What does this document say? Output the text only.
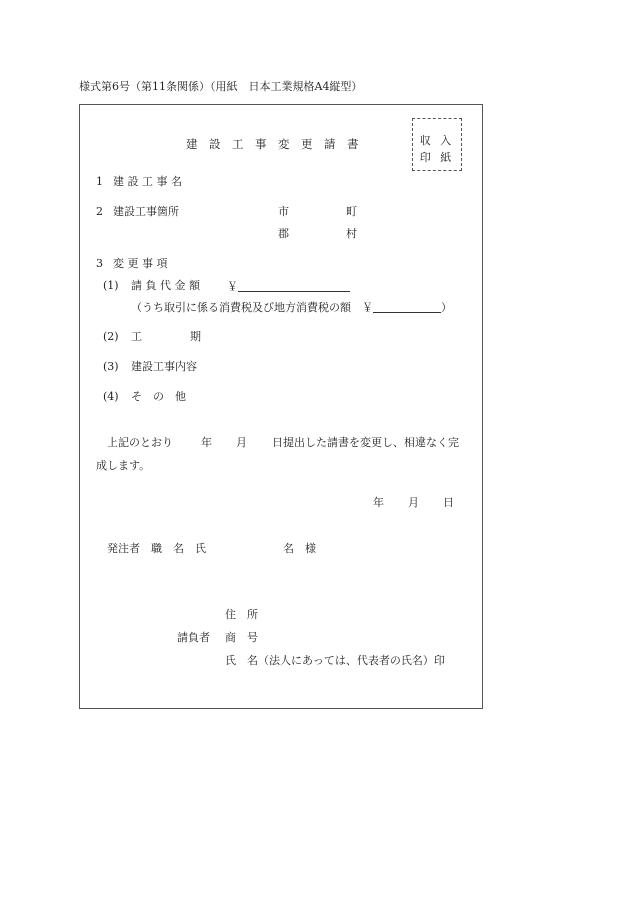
様式第6号（第11条関係）（用紙　日本工業規格A4縦型）
収 入
印 紙
建　設　工　事　変　更　請　書
1 建 設 工 事 名
2 建設工事箇所	市	町
郡	村
3 変 更 事 項
(1) 請 負 代 金 額 ￥
（うち取引に係る消費税及び地方消費税の額　￥	）
(2) 工	期
(3) 建設工事内容
(4) そ　の　他
上記のとおり	年 月 日提出した請書を変更し、相違なく完
成します。
年 月 日
発注者　職　名　氏	名　様
住　所
請負者 商　号
氏　名（法人にあっては、代表者の氏名）印
